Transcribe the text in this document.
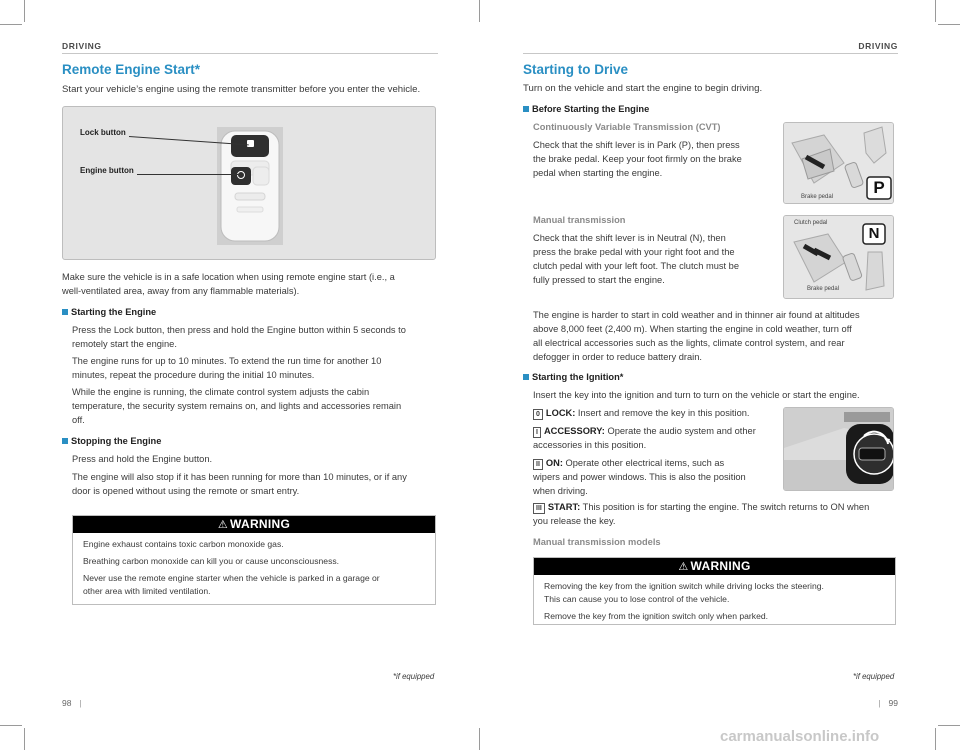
DRIVING
Remote Engine Start*
Start your vehicle’s engine using the remote transmitter before you enter the vehicle.
Lock button
Engine button
Make sure the vehicle is in a safe location when using remote engine start (i.e., a
well-ventilated area, away from any flammable materials).
Starting the Engine
Press the Lock button, then press and hold the Engine button within 5 seconds to
remotely start the engine.
The engine runs for up to 10 minutes. To extend the run time for another 10
minutes, repeat the procedure during the initial 10 minutes.
While the engine is running, the climate control system adjusts the cabin
temperature, the security system remains on, and lights and accessories remain
off.
Stopping the Engine
Press and hold the Engine button.
The engine will also stop if it has been running for more than 10 minutes, or if any
door is opened without using the remote or smart entry.
⚠ WARNING
Engine exhaust contains toxic carbon monoxide gas.
Breathing carbon monoxide can kill you or cause unconsciousness.
Never use the remote engine starter when the vehicle is parked in a garage or
other area with limited ventilation.
*if equipped
98 |
DRIVING
Starting to Drive
Turn on the vehicle and start the engine to begin driving.
Before Starting the Engine
Continuously Variable Transmission (CVT)
Check that the shift lever is in Park (P), then press
the brake pedal. Keep your foot firmly on the brake
pedal when starting the engine.
P
Brake pedal
Manual transmission
Check that the shift lever is in Neutral (N), then
press the brake pedal with your right foot and the
clutch pedal with your left foot. The clutch must be
fully pressed to start the engine.
N
Clutch pedal
Brake pedal
The engine is harder to start in cold weather and in thinner air found at altitudes
above 8,000 feet (2,400 m). When starting the engine in cold weather, turn off
all electrical accessories such as the lights, climate control system, and rear
defogger in order to reduce battery drain.
Starting the Ignition*
Insert the key into the ignition and turn to turn on the vehicle or start the engine.
0 LOCK: Insert and remove the key in this position.
I ACCESSORY: Operate the audio system and other
accessories in this position.
II ON: Operate other electrical items, such as
wipers and power windows. This is also the position
when driving.
III START: This position is for starting the engine. The switch returns to ON when
you release the key.
Manual transmission models
⚠ WARNING
Removing the key from the ignition switch while driving locks the steering.
This can cause you to lose control of the vehicle.
Remove the key from the ignition switch only when parked.
*if equipped
| 99
carmanualsonline.info
